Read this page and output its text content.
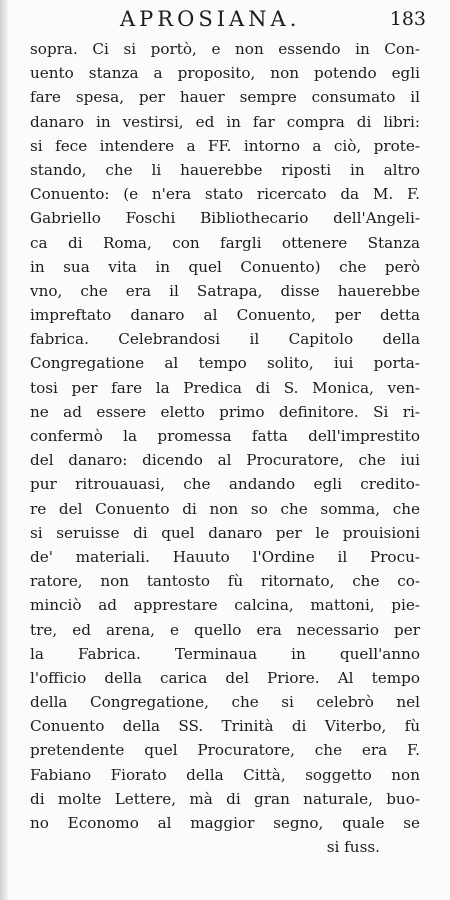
APROSIANA.	183
sopra. Ci si portò, e non essendo in Con-
uento stanza a proposito, non potendo egli
fare spesa, per hauer sempre consumato il
danaro in vestirsi, ed in far compra di libri:
si fece intendere a FF. intorno a ciò, prote-
stando, che li hauerebbe riposti in altro
Conuento: (e n'era stato ricercato da M. F.
Gabriello Foschi Bibliothecario dell'Angeli-
ca di Roma, con fargli ottenere Stanza
in sua vita in quel Conuento) che però
vno, che era il Satrapa, disse hauerebbe
impreftato danaro al Conuento, per detta
fabrica. Celebrandosi il Capitolo della
Congregatione al tempo solito, iui porta-
tosi per fare la Predica di S. Monica, ven-
ne ad essere eletto primo definitore. Si ri-
confermò la promessa fatta dell'imprestito
del danaro: dicendo al Procuratore, che iui
pur ritrouauasi, che andando egli credito-
re del Conuento di non so che somma, che
si seruisse di quel danaro per le prouisioni
de' materiali. Hauuto l'Ordine il Procu-
ratore, non tantosto fù ritornato, che co-
minciò ad apprestare calcina, mattoni, pie-
tre, ed arena, e quello era necessario per
la Fabrica. Terminaua in quell'anno
l'officio della carica del Priore. Al tempo
della Congregatione, che si celebrò nel
Conuento della SS. Trinità di Viterbo, fù
pretendente quel Procuratore, che era F.
Fabiano Fiorato della Città, soggetto non
di molte Lettere, mà di gran naturale, buo-
no Economo al maggior segno, quale se
si fuss.
